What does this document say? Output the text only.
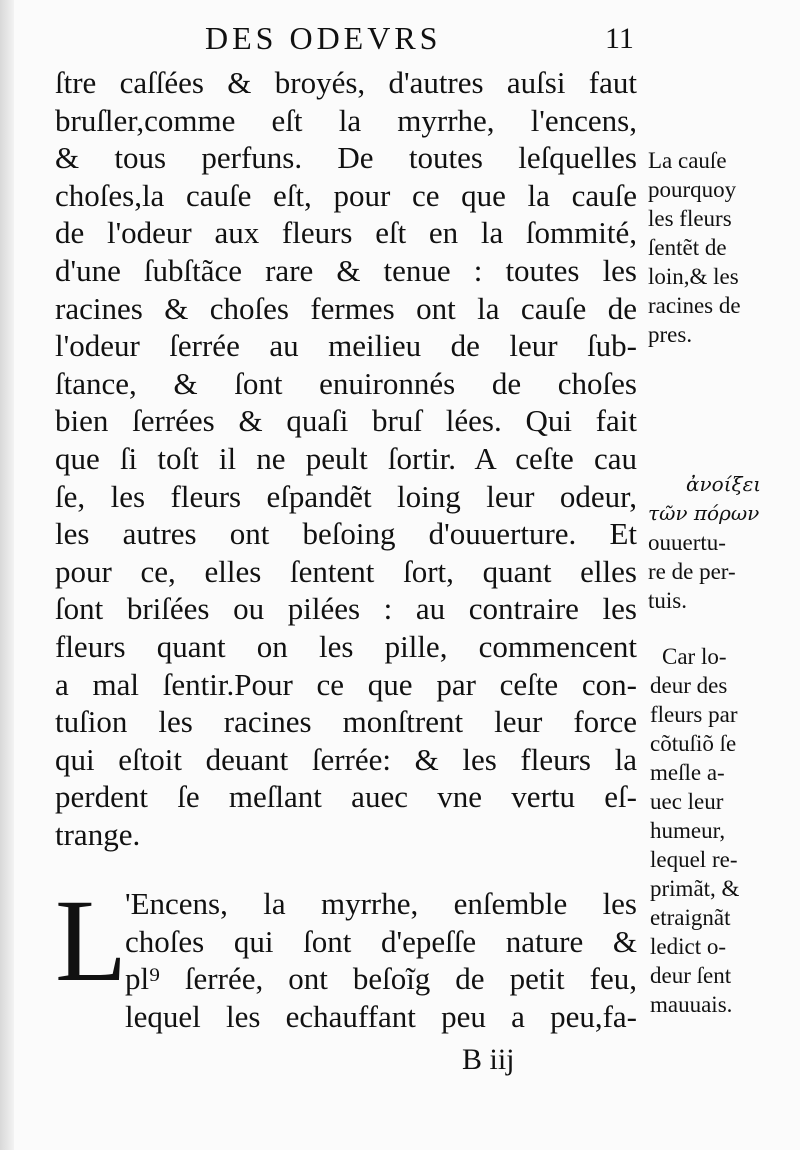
DES ODEVRS	11
ſtre caſſées & broyés, d'autres auſsi faut
bruſler,comme eſt la myrrhe, l'encens,
& tous perfuns. De toutes leſquelles
choſes,la cauſe eſt, pour ce que la cauſe
de l'odeur aux fleurs eſt en la ſommité,
d'une ſubſtãce rare & tenue : toutes les
racines & choſes fermes ont la cauſe de
l'odeur ſerrée au meilieu de leur ſub-
ſtance, & ſont enuironnés de choſes
bien ſerrées & quaſi bruſ lées. Qui fait
que ſi toſt il ne peult ſortir. A ceſte cau
ſe, les fleurs eſpandẽt loing leur odeur,
les autres ont beſoing d'ouuerture. Et
pour ce, elles ſentent ſort, quant elles
ſont briſées ou pilées : au contraire les
fleurs quant on les pille, commencent
a mal ſentir.Pour ce que par ceſte con-
tuſion les racines monſtrent leur force
qui eſtoit deuant ſerrée: & les fleurs la
perdent ſe meſlant auec vne vertu eſ-
trange.
L
'Encens, la myrrhe, enſemble les
choſes qui ſont d'epeſſe nature &
pl⁹ ſerrée, ont beſoĩg de petit feu,
lequel les echauffant peu a peu,fa-
La cauſe
pourquoy
les fleurs
ſentẽt de
loin,& les
racines de
pres.
ἀνοίξει
τῶν πόρων
ouuertu-
re de per-
tuis.
Car lo-
deur des
fleurs par
cõtuſiõ ſe
meſle a-
uec leur
humeur,
lequel re-
primãt, &
etraignãt
ledict o-
deur ſent
mauuais.
B iij
